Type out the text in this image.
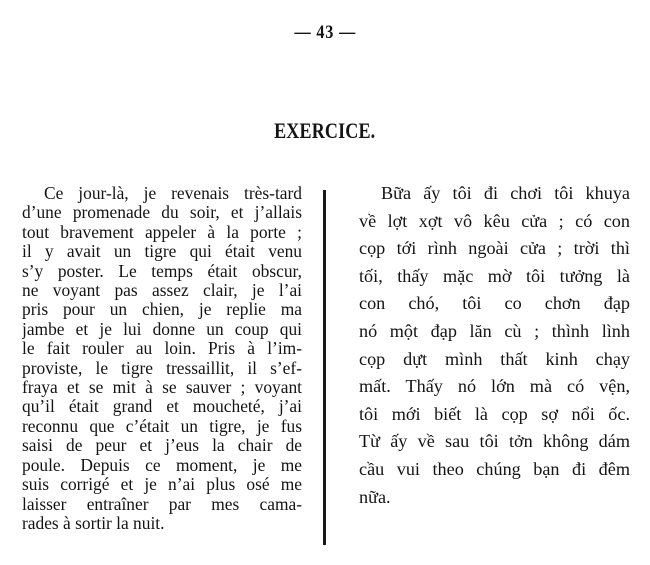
— 43 —
EXERCICE.
Ce jour-là, je revenais très-tard
d’une promenade du soir, et j’allais
tout bravement appeler à la porte ;
il y avait un tigre qui était venu
s’y poster. Le temps était obscur,
ne voyant pas assez clair, je l’ai
pris pour un chien, je replie ma
jambe et je lui donne un coup qui
le fait rouler au loin. Pris à l’im-
proviste, le tigre tressaillit, il s’ef-
fraya et se mit à se sauver ; voyant
qu’il était grand et moucheté, j’ai
reconnu que c’était un tigre, je fus
saisi de peur et j’eus la chair de
poule. Depuis ce moment, je me
suis corrigé et je n’ai plus osé me
laisser entraîner par mes cama-
rades à sortir la nuit.
Bữa ấy tôi đi chơi tôi khuya
về lợt xợt vô kêu cửa ; có con
cọp tới rình ngoài cửa ; trời thì
tối, thấy mặc mờ tôi tưởng là
con chó, tôi co chơn đạp
nó một đạp lăn cù ; thình lình
cọp dựt mình thất kinh chạy
mất. Thấy nó lớn mà có vện,
tôi mới biết là cọp sợ nổi ốc.
Từ ấy về sau tôi tởn không dám
cầu vui theo chúng bạn đi đêm
nữa.
